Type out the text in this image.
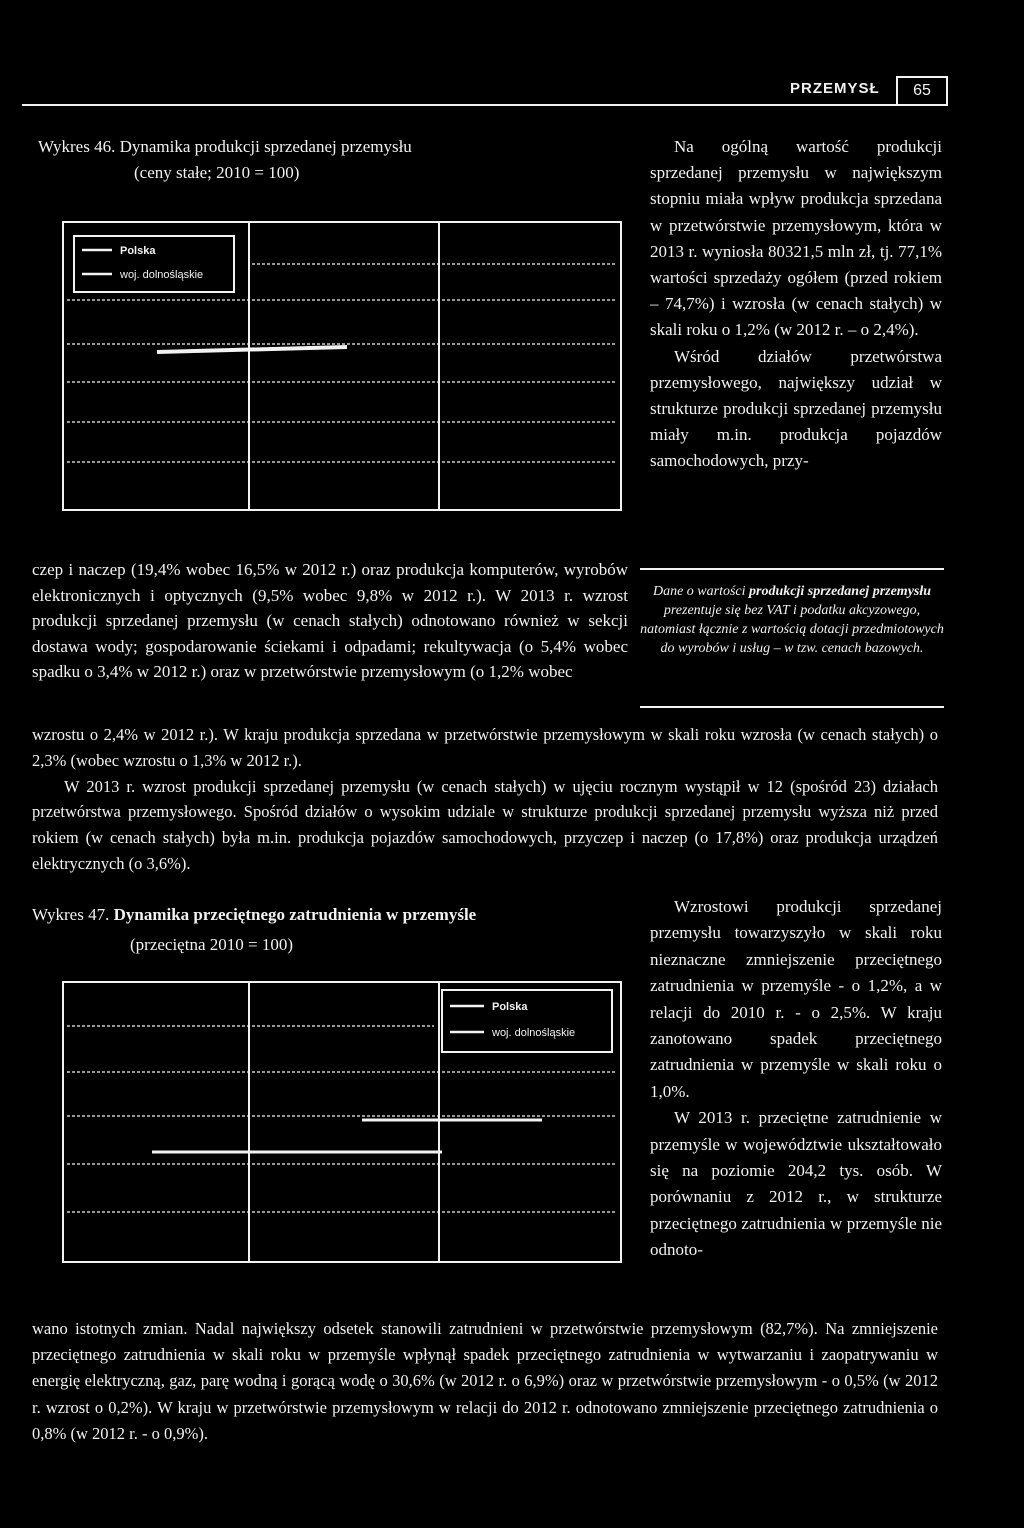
PRZEMYSŁ	65
Wykres 46. Dynamika produkcji sprzedanej przemysłu
(ceny stałe; 2010 = 100)
Polska
woj. dolnośląskie

Na ogólną wartość produkcji sprzedanej przemysłu w największym stopniu miała wpływ produkcja sprzedana w przetwórstwie przemysłowym, która w 2013 r. wyniosła 80321,5 mln zł, tj. 77,1% wartości sprzedaży ogółem (przed rokiem – 74,7%) i wzrosła (w cenach stałych) w skali roku o 1,2% (w 2012 r. – o 2,4%).

Wśród działów przetwórstwa przemysłowego, największy udział w strukturze produkcji sprzedanej przemysłu miały m.in. produkcja pojazdów samochodowych, przy-

czep i naczep (19,4% wobec 16,5% w 2012 r.) oraz produkcja komputerów, wyrobów elektronicznych i optycznych (9,5% wobec 9,8% w 2012 r.). W 2013 r. wzrost produkcji sprzedanej przemysłu (w cenach stałych) odnotowano również w sekcji dostawa wody; gospodarowanie ściekami i odpadami; rekultywacja (o 5,4% wobec spadku o 3,4% w 2012 r.) oraz w przetwórstwie przemysłowym (o 1,2% wobec
Dane o wartości produkcji sprzedanej przemysłu prezentuje się bez VAT i podatku akcyzowego, natomiast łącznie z wartością dotacji przedmiotowych do wyrobów i usług – w tzw. cenach bazowych.

wzrostu o 2,4% w 2012 r.). W kraju produkcja sprzedana w przetwórstwie przemysłowym w skali roku wzrosła (w cenach stałych) o 2,3% (wobec wzrostu o 1,3% w 2012 r.).

W 2013 r. wzrost produkcji sprzedanej przemysłu (w cenach stałych) w ujęciu rocznym wystąpił w 12 (spośród 23) działach przetwórstwa przemysłowego. Spośród działów o wysokim udziale w strukturze produkcji sprzedanej przemysłu wyższa niż przed rokiem (w cenach stałych) była m.in. produkcja pojazdów samochodowych, przyczep i naczep (o 17,8%) oraz produkcja urządzeń elektrycznych (o 3,6%).

Wykres 47. Dynamika przeciętnego zatrudnienia w przemyśle
(przeciętna 2010 = 100)
Polska
woj. dolnośląskie

Wzrostowi produkcji sprzedanej przemysłu towarzyszyło w skali roku nieznaczne zmniejszenie przeciętnego zatrudnienia w przemyśle - o 1,2%, a w relacji do 2010 r. - o 2,5%. W kraju zanotowano spadek przeciętnego zatrudnienia w przemyśle w skali roku o 1,0%.

W 2013 r. przeciętne zatrudnienie w przemyśle w województwie ukształtowało się na poziomie 204,2 tys. osób. W porównaniu z 2012 r., w strukturze przeciętnego zatrudnienia w przemyśle nie odnoto-

wano istotnych zmian. Nadal największy odsetek stanowili zatrudnieni w przetwórstwie przemysłowym (82,7%). Na zmniejszenie przeciętnego zatrudnienia w skali roku w przemyśle wpłynął spadek przeciętnego zatrudnienia w wytwarzaniu i zaopatrywaniu w energię elektryczną, gaz, parę wodną i gorącą wodę o 30,6% (w 2012 r. o 6,9%) oraz w przetwórstwie przemysłowym - o 0,5% (w 2012 r. wzrost o 0,2%). W kraju w przetwórstwie przemysłowym w relacji do 2012 r. odnotowano zmniejszenie przeciętnego zatrudnienia o 0,8% (w 2012 r. - o 0,9%).
